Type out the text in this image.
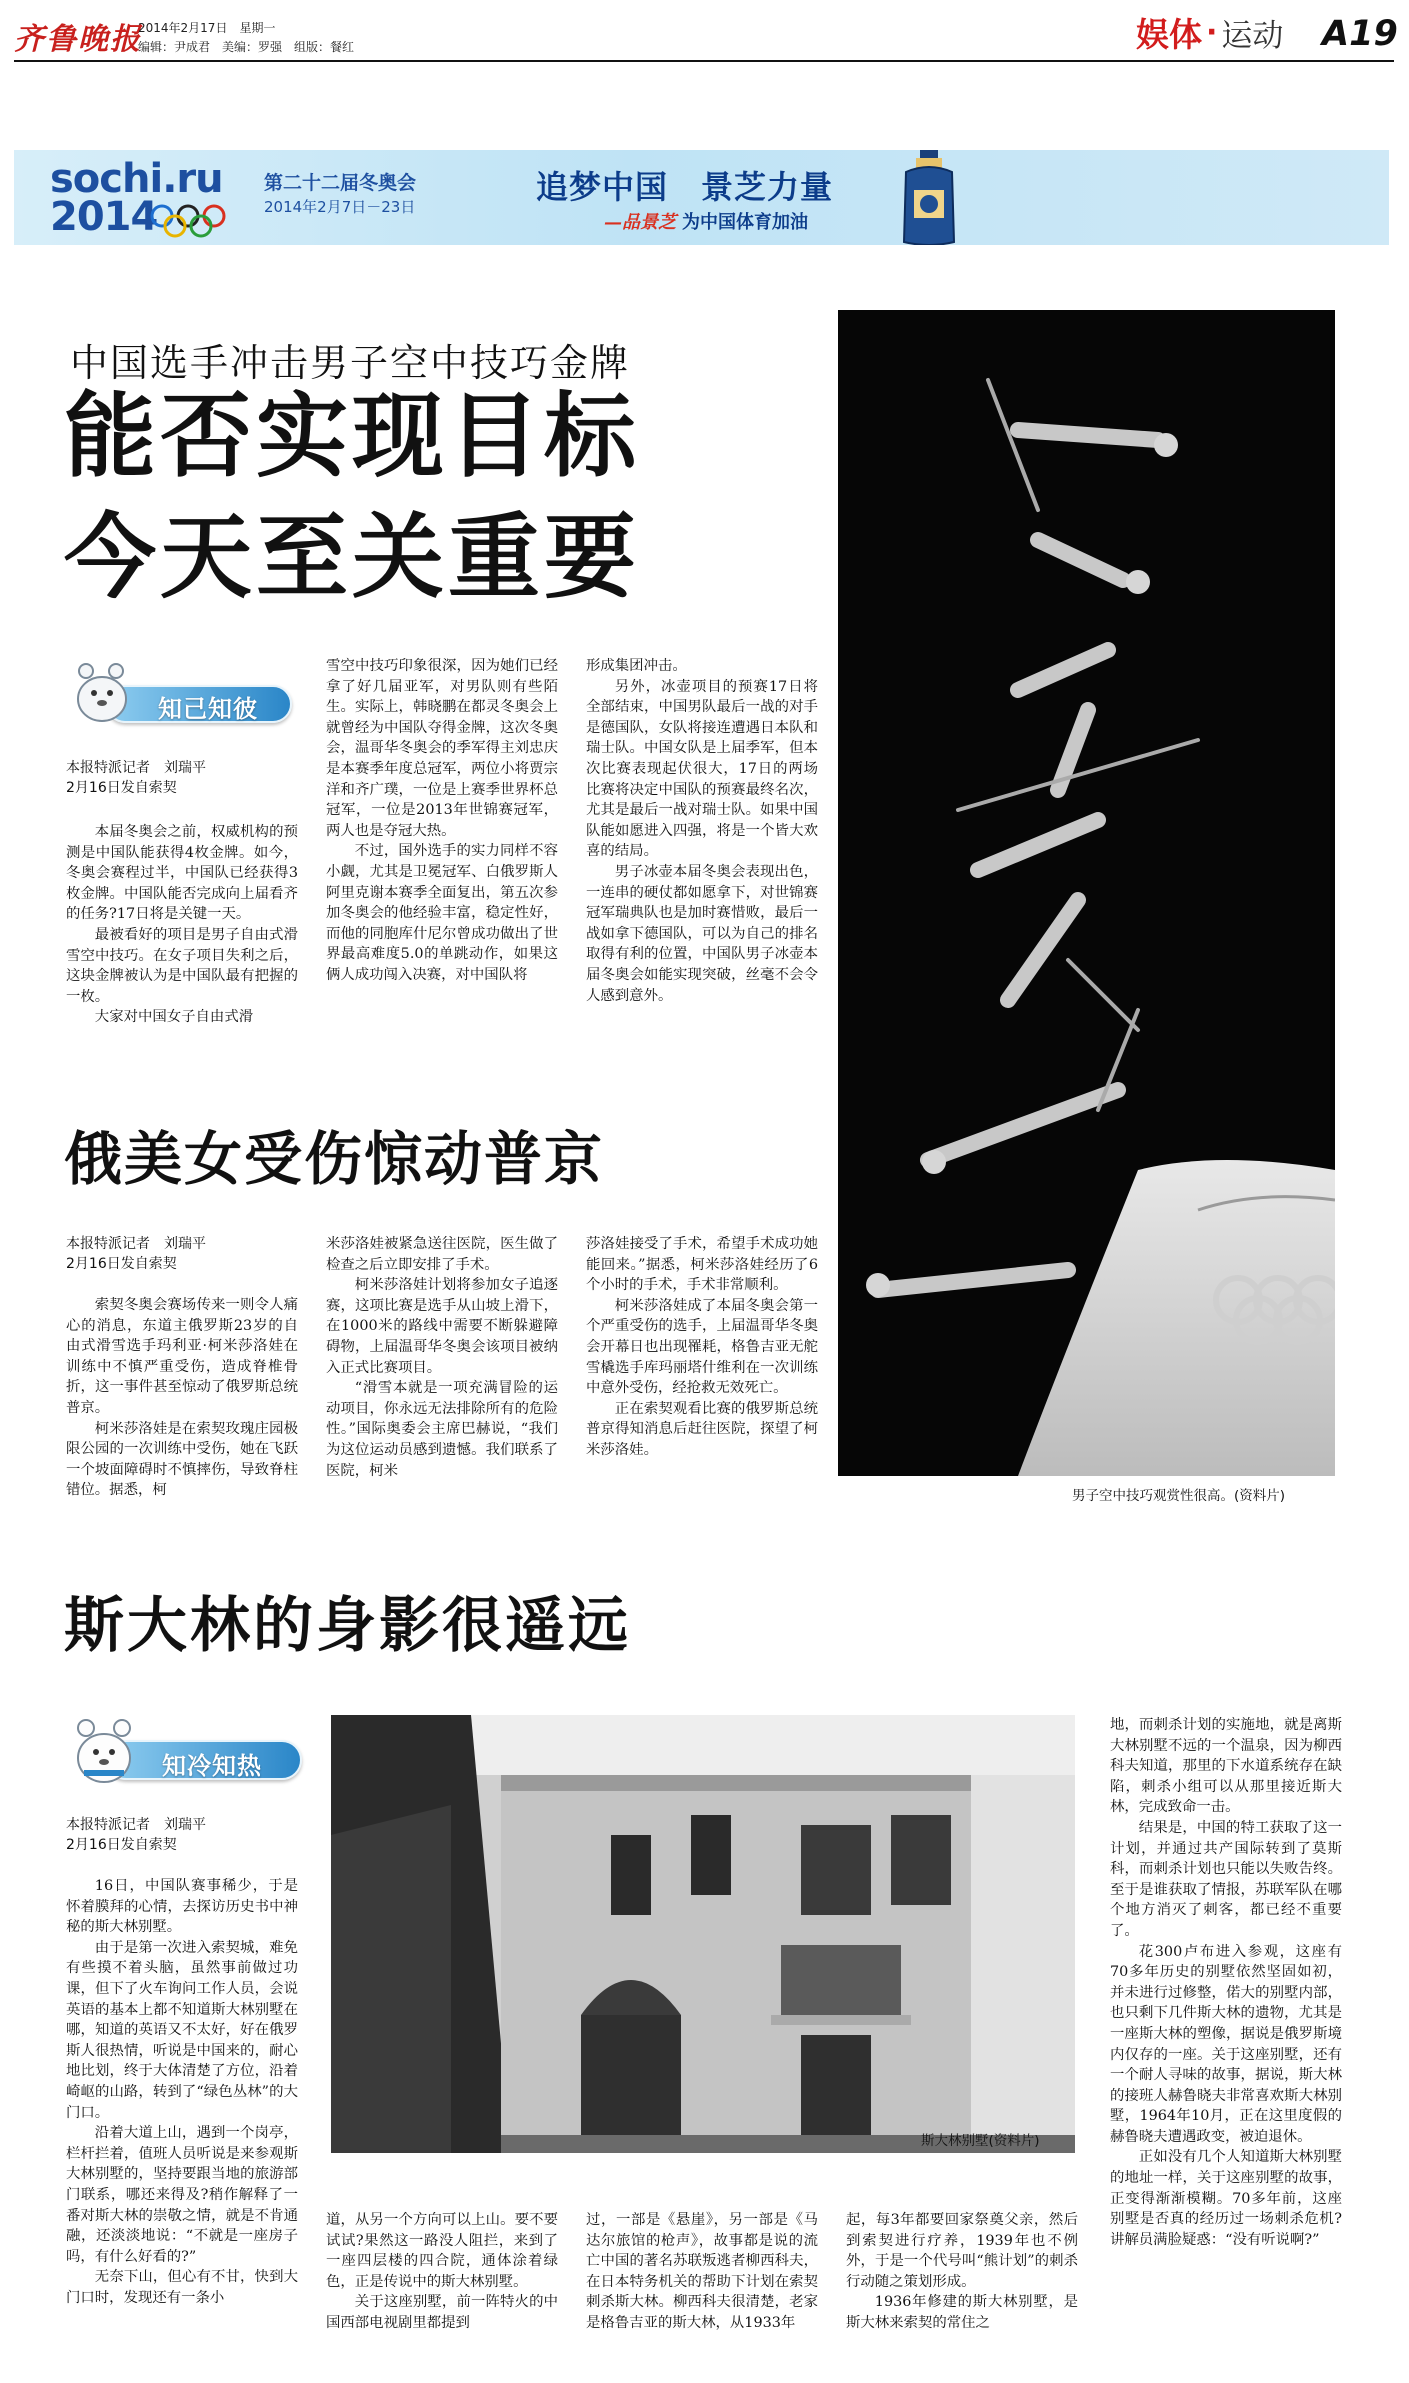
齐鲁晚报
2014年2月17日　星期一
编辑：尹成君　美编：罗强　组版：餐红	娱体 · 运动 A19
sochi.ru
2014
第二十二届冬奥会
2014年2月7日－23日
追梦中国　景芝力量
—品景芝 为中国体育加油
中国选手冲击男子空中技巧金牌
能否实现目标
今天至关重要
知己知彼
本报特派记者　刘瑞平
2月16日发自索契

本届冬奥会之前，权威机构的预测是中国队能获得4枚金牌。如今，冬奥会赛程过半，中国队已经获得3枚金牌。中国队能否完成向上届看齐的任务?17日将是关键一天。

最被看好的项目是男子自由式滑雪空中技巧。在女子项目失利之后，这块金牌被认为是中国队最有把握的一枚。

大家对中国女子自由式滑

雪空中技巧印象很深，因为她们已经拿了好几届亚军，对男队则有些陌生。实际上，韩晓鹏在都灵冬奥会上就曾经为中国队夺得金牌，这次冬奥会，温哥华冬奥会的季军得主刘忠庆是本赛季年度总冠军，两位小将贾宗洋和齐广璞，一位是上赛季世界杯总冠军，一位是2013年世锦赛冠军，两人也是夺冠大热。

不过，国外选手的实力同样不容小觑，尤其是卫冕冠军、白俄罗斯人阿里克谢本赛季全面复出，第五次参加冬奥会的他经验丰富，稳定性好，而他的同胞库什尼尔曾成功做出了世界最高难度5.0的单跳动作，如果这俩人成功闯入决赛，对中国队将

形成集团冲击。

另外，冰壶项目的预赛17日将全部结束，中国男队最后一战的对手是德国队，女队将接连遭遇日本队和瑞士队。中国女队是上届季军，但本次比赛表现起伏很大，17日的两场比赛将决定中国队的预赛最终名次，尤其是最后一战对瑞士队。如果中国队能如愿进入四强，将是一个皆大欢喜的结局。

男子冰壶本届冬奥会表现出色，一连串的硬仗都如愿拿下，对世锦赛冠军瑞典队也是加时赛惜败，最后一战如拿下德国队，可以为自己的排名取得有利的位置，中国队男子冰壶本届冬奥会如能实现突破，丝毫不会令人感到意外。

男子空中技巧观赏性很高。(资料片)
俄美女受伤惊动普京
本报特派记者　刘瑞平
2月16日发自索契

索契冬奥会赛场传来一则令人痛心的消息，东道主俄罗斯23岁的自由式滑雪选手玛利亚·柯米莎洛娃在训练中不慎严重受伤，造成脊椎骨折，这一事件甚至惊动了俄罗斯总统普京。

柯米莎洛娃是在索契玫瑰庄园极限公园的一次训练中受伤，她在飞跃一个坡面障碍时不慎摔伤，导致脊柱错位。据悉，柯

米莎洛娃被紧急送往医院，医生做了检查之后立即安排了手术。

柯米莎洛娃计划将参加女子追逐赛，这项比赛是选手从山坡上滑下，在1000米的路线中需要不断躲避障碍物，上届温哥华冬奥会该项目被纳入正式比赛项目。

“滑雪本就是一项充满冒险的运动项目，你永远无法排除所有的危险性。”国际奥委会主席巴赫说，“我们为这位运动员感到遗憾。我们联系了医院，柯米

莎洛娃接受了手术，希望手术成功她能回来。”据悉，柯米莎洛娃经历了6个小时的手术，手术非常顺利。

柯米莎洛娃成了本届冬奥会第一个严重受伤的选手，上届温哥华冬奥会开幕日也出现罹耗，格鲁吉亚无舵雪橇选手库玛丽塔什维利在一次训练中意外受伤，经抢救无效死亡。

正在索契观看比赛的俄罗斯总统普京得知消息后赶往医院，探望了柯米莎洛娃。

斯大林的身影很遥远
知冷知热
本报特派记者　刘瑞平
2月16日发自索契

16日，中国队赛事稀少，于是怀着膜拜的心情，去探访历史书中神秘的斯大林别墅。

由于是第一次进入索契城，难免有些摸不着头脑，虽然事前做过功课，但下了火车询问工作人员，会说英语的基本上都不知道斯大林别墅在哪，知道的英语又不太好，好在俄罗斯人很热情，听说是中国来的，耐心地比划，终于大体清楚了方位，沿着崎岖的山路，转到了“绿色丛林”的大门口。

沿着大道上山，遇到一个岗亭，栏杆拦着，值班人员听说是来参观斯大林别墅的，坚持要跟当地的旅游部门联系，哪还来得及?稍作解释了一番对斯大林的崇敬之情，就是不肯通融，还淡淡地说：“不就是一座房子吗，有什么好看的?”

无奈下山，但心有不甘，快到大门口时，发现还有一条小

斯大林别墅(资料片)

道，从另一个方向可以上山。要不要试试?果然这一路没人阻拦，来到了一座四层楼的四合院，通体涂着绿色，正是传说中的斯大林别墅。

关于这座别墅，前一阵特火的中国西部电视剧里都提到

过，一部是《悬崖》，另一部是《马达尔旅馆的枪声》，故事都是说的流亡中国的著名苏联叛逃者柳西科夫，在日本特务机关的帮助下计划在索契刺杀斯大林。柳西科夫很清楚，老家是格鲁吉亚的斯大林，从1933年

起，每3年都要回家祭奠父亲，然后到索契进行疗养，1939年也不例外，于是一个代号叫“熊计划”的刺杀行动随之策划形成。

1936年修建的斯大林别墅，是斯大林来索契的常住之

地，而刺杀计划的实施地，就是离斯大林别墅不远的一个温泉，因为柳西科夫知道，那里的下水道系统存在缺陷，刺杀小组可以从那里接近斯大林，完成致命一击。

结果是，中国的特工获取了这一计划，并通过共产国际转到了莫斯科，而刺杀计划也只能以失败告终。至于是谁获取了情报，苏联军队在哪个地方消灭了刺客，都已经不重要了。

花300卢布进入参观，这座有70多年历史的别墅依然坚固如初，并未进行过修整，偌大的别墅内部，也只剩下几件斯大林的遗物，尤其是一座斯大林的塑像，据说是俄罗斯境内仅存的一座。关于这座别墅，还有一个耐人寻味的故事，据说，斯大林的接班人赫鲁晓夫非常喜欢斯大林别墅，1964年10月，正在这里度假的赫鲁晓夫遭遇政变，被迫退休。

正如没有几个人知道斯大林别墅的地址一样，关于这座别墅的故事，正变得渐渐模糊。70多年前，这座别墅是否真的经历过一场刺杀危机?讲解员满脸疑惑：“没有听说啊?”
